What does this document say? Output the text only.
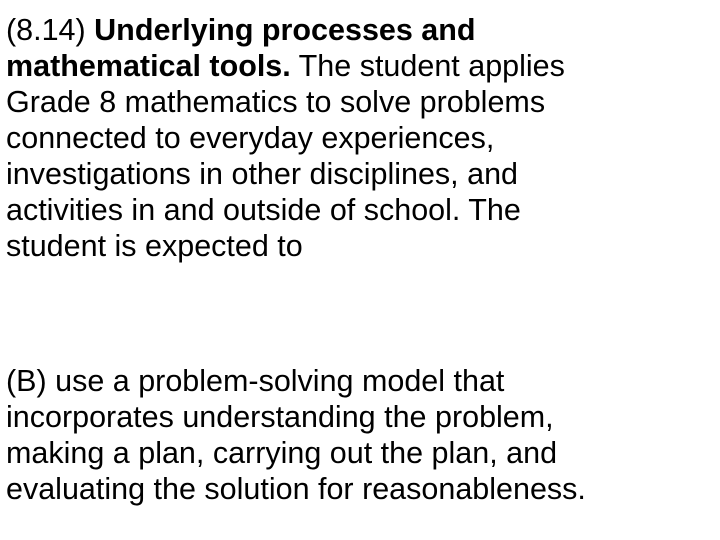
(8.14) Underlying processes and
mathematical tools. The student applies
Grade 8 mathematics to solve problems
connected to everyday experiences,
investigations in other disciplines, and
activities in and outside of school. The
student is expected to
(B) use a problem-solving model that
incorporates understanding the problem,
making a plan, carrying out the plan, and
evaluating the solution for reasonableness.
